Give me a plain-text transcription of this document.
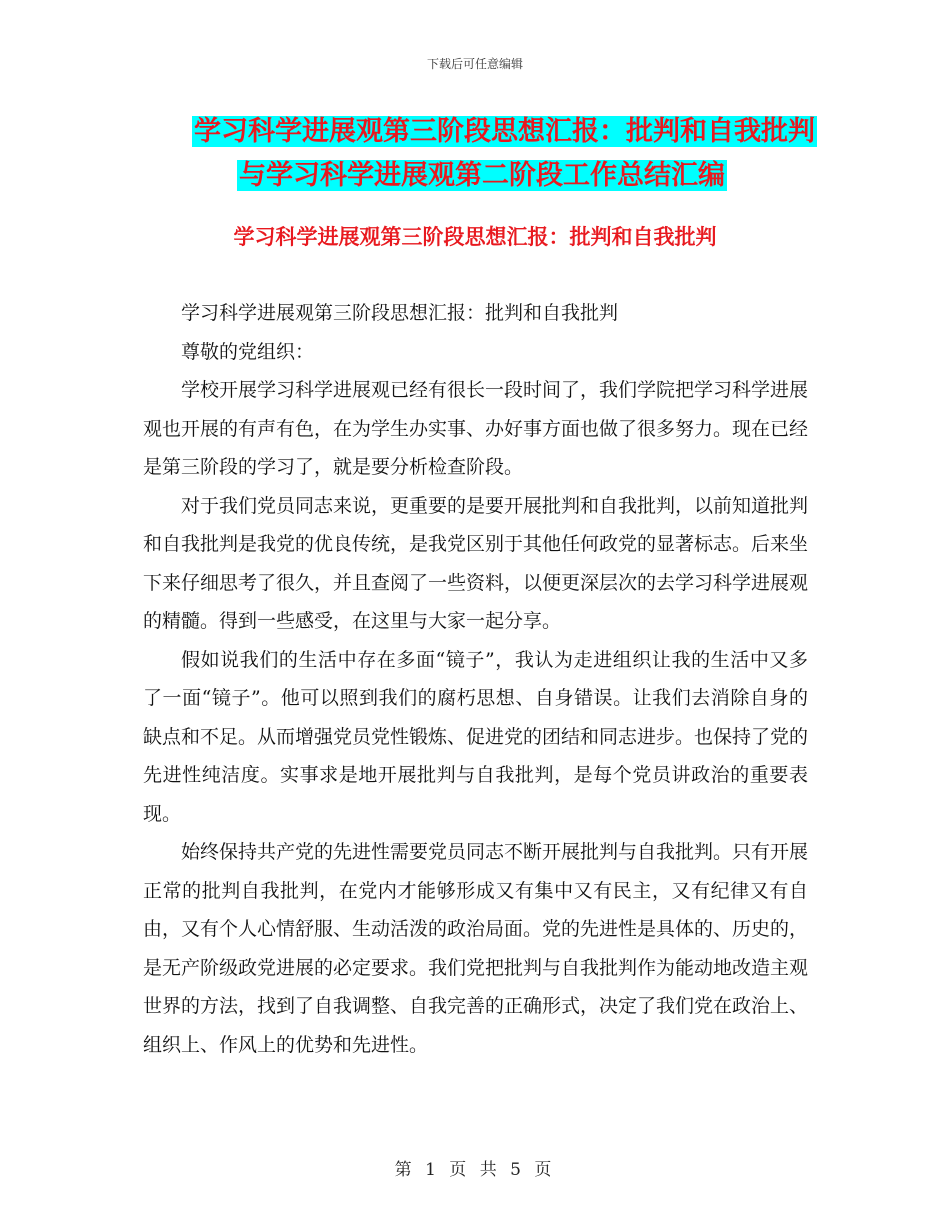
下载后可任意编辑
学习科学进展观第三阶段思想汇报：批判和自我批判
与学习科学进展观第二阶段工作总结汇编
学习科学进展观第三阶段思想汇报：批判和自我批判

学习科学进展观第三阶段思想汇报：批判和自我批判

尊敬的党组织：

学校开展学习科学进展观已经有很长一段时间了，我们学院把学习科学进展观也开展的有声有色，在为学生办实事、办好事方面也做了很多努力。现在已经是第三阶段的学习了，就是要分析检查阶段。

对于我们党员同志来说，更重要的是要开展批判和自我批判，以前知道批判和自我批判是我党的优良传统，是我党区别于其他任何政党的显著标志。后来坐下来仔细思考了很久，并且查阅了一些资料，以便更深层次的去学习科学进展观的精髓。得到一些感受，在这里与大家一起分享。

假如说我们的生活中存在多面“镜子”，我认为走进组织让我的生活中又多了一面“镜子”。他可以照到我们的腐朽思想、自身错误。让我们去消除自身的缺点和不足。从而增强党员党性锻炼、促进党的团结和同志进步。也保持了党的先进性纯洁度。实事求是地开展批判与自我批判，是每个党员讲政治的重要表现。

始终保持共产党的先进性需要党员同志不断开展批判与自我批判。只有开展正常的批判自我批判，在党内才能够形成又有集中又有民主，又有纪律又有自由，又有个人心情舒服、生动活泼的政治局面。党的先进性是具体的、历史的，是无产阶级政党进展的必定要求。我们党把批判与自我批判作为能动地改造主观世界的方法，找到了自我调整、自我完善的正确形式，决定了我们党在政治上、组织上、作风上的优势和先进性。

第 1 页 共 5 页
